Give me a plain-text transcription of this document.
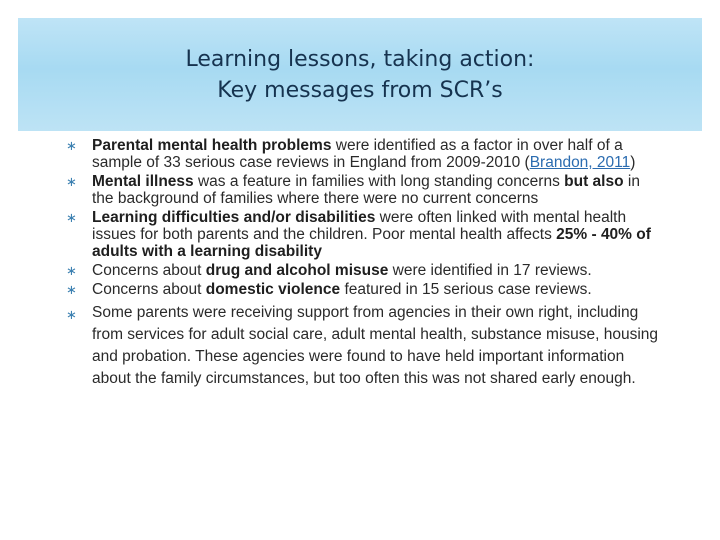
Learning lessons, taking action:
Key messages from SCR’s
∗ Parental mental health problems were identified as a factor in over half of a sample of 33 serious case reviews in England from 2009-2010 (Brandon, 2011)
∗ Mental illness was a feature in families with long standing concerns but also in the background of families where there were no current concerns
∗ Learning difficulties and/or disabilities were often linked with mental health issues for both parents and the children. Poor mental health affects 25% - 40% of adults with a learning disability
∗ Concerns about drug and alcohol misuse were identified in 17 reviews.
∗ Concerns about domestic violence featured in 15 serious case reviews.
∗ Some parents were receiving support from agencies in their own right, including from services for adult social care, adult mental health, substance misuse, housing and probation. These agencies were found to have held important information about the family circumstances, but too often this was not shared early enough.
